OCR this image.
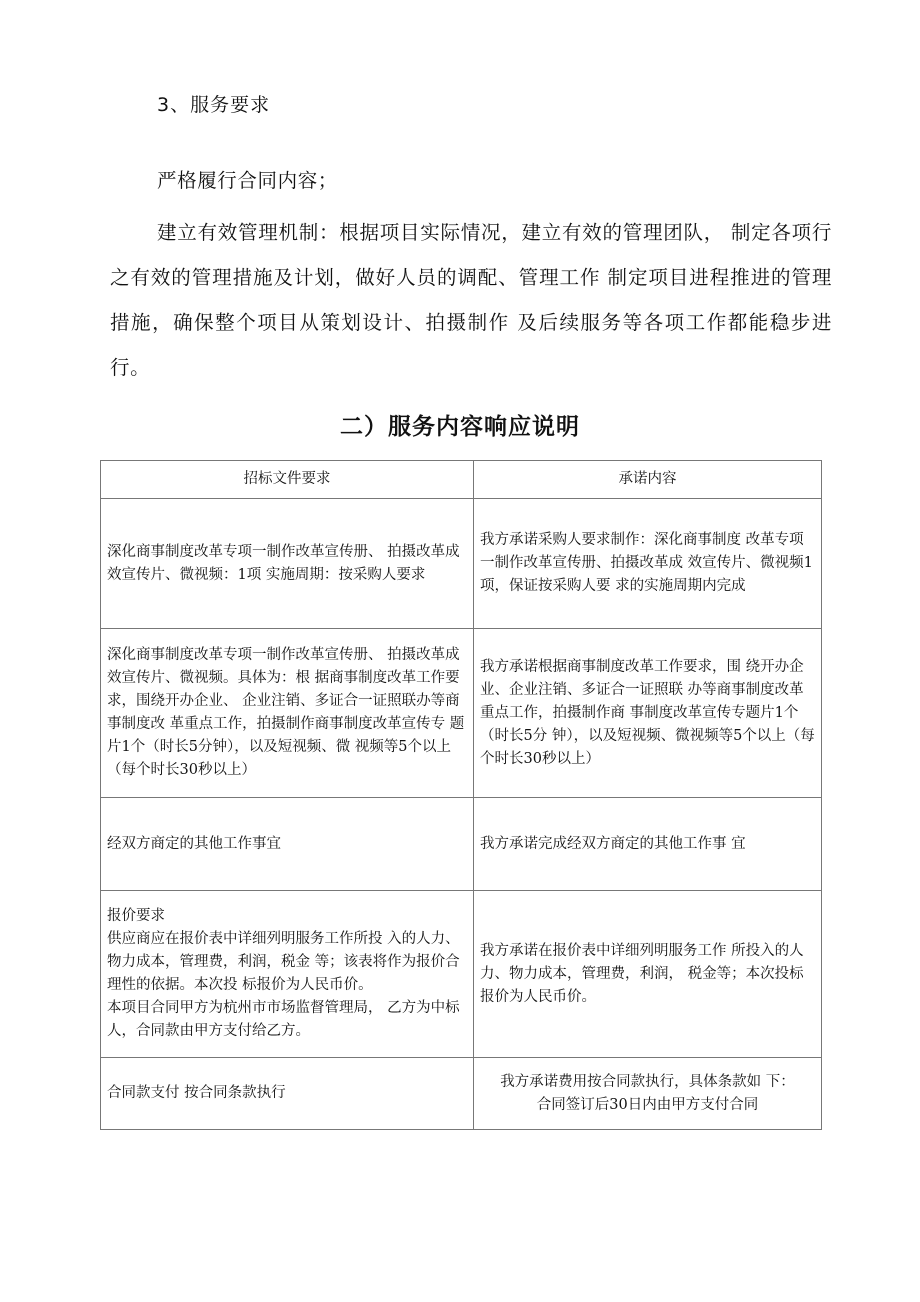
3、服务要求
严格履行合同内容；
建立有效管理机制：根据项目实际情况，建立有效的管理团队， 制定各项行之有效的管理措施及计划，做好人员的调配、管理工作 制定项目进程推进的管理措施，确保整个项目从策划设计、拍摄制作 及后续服务等各项工作都能稳步进行。
二）服务内容响应说明
招标文件要求	承诺内容
深化商事制度改革专项一制作改革宣传册、 拍摄改革成效宣传片、微视频：1项 实施周期：按采购人要求	我方承诺采购人要求制作：深化商事制度 改革专项一制作改革宣传册、拍摄改革成 效宣传片、微视频1项，保证按采购人要 求的实施周期内完成
深化商事制度改革专项一制作改革宣传册、 拍摄改革成效宣传片、微视频。具体为：根 据商事制度改革工作要求，围绕开办企业、 企业注销、多证合一证照联办等商事制度改 革重点工作，拍摄制作商事制度改革宣传专 题片1个（时长5分钟），以及短视频、微 视频等5个以上（每个时长30秒以上）	我方承诺根据商事制度改革工作要求，围 绕开办企业、企业注销、多证合一证照联 办等商事制度改革重点工作，拍摄制作商 事制度改革宣传专题片1个（时长5分 钟），以及短视频、微视频等5个以上（每 个时长30秒以上）
经双方商定的其他工作事宜	我方承诺完成经双方商定的其他工作事 宜

报价要求
供应商应在报价表中详细列明服务工作所投 入的人力、物力成本，管理费，利润，税金 等；该表将作为报价合理性的依据。本次投 标报价为人民币价。
本项目合同甲方为杭州市市场监督管理局， 乙方为中标人，合同款由甲方支付给乙方。	我方承诺在报价表中详细列明服务工作 所投入的人力、物力成本，管理费，利润， 税金等；本次投标报价为人民币价。
合同款支付 按合同条款执行	我方承诺费用按合同款执行，具体条款如 下：
合同签订后30日内由甲方支付合同
